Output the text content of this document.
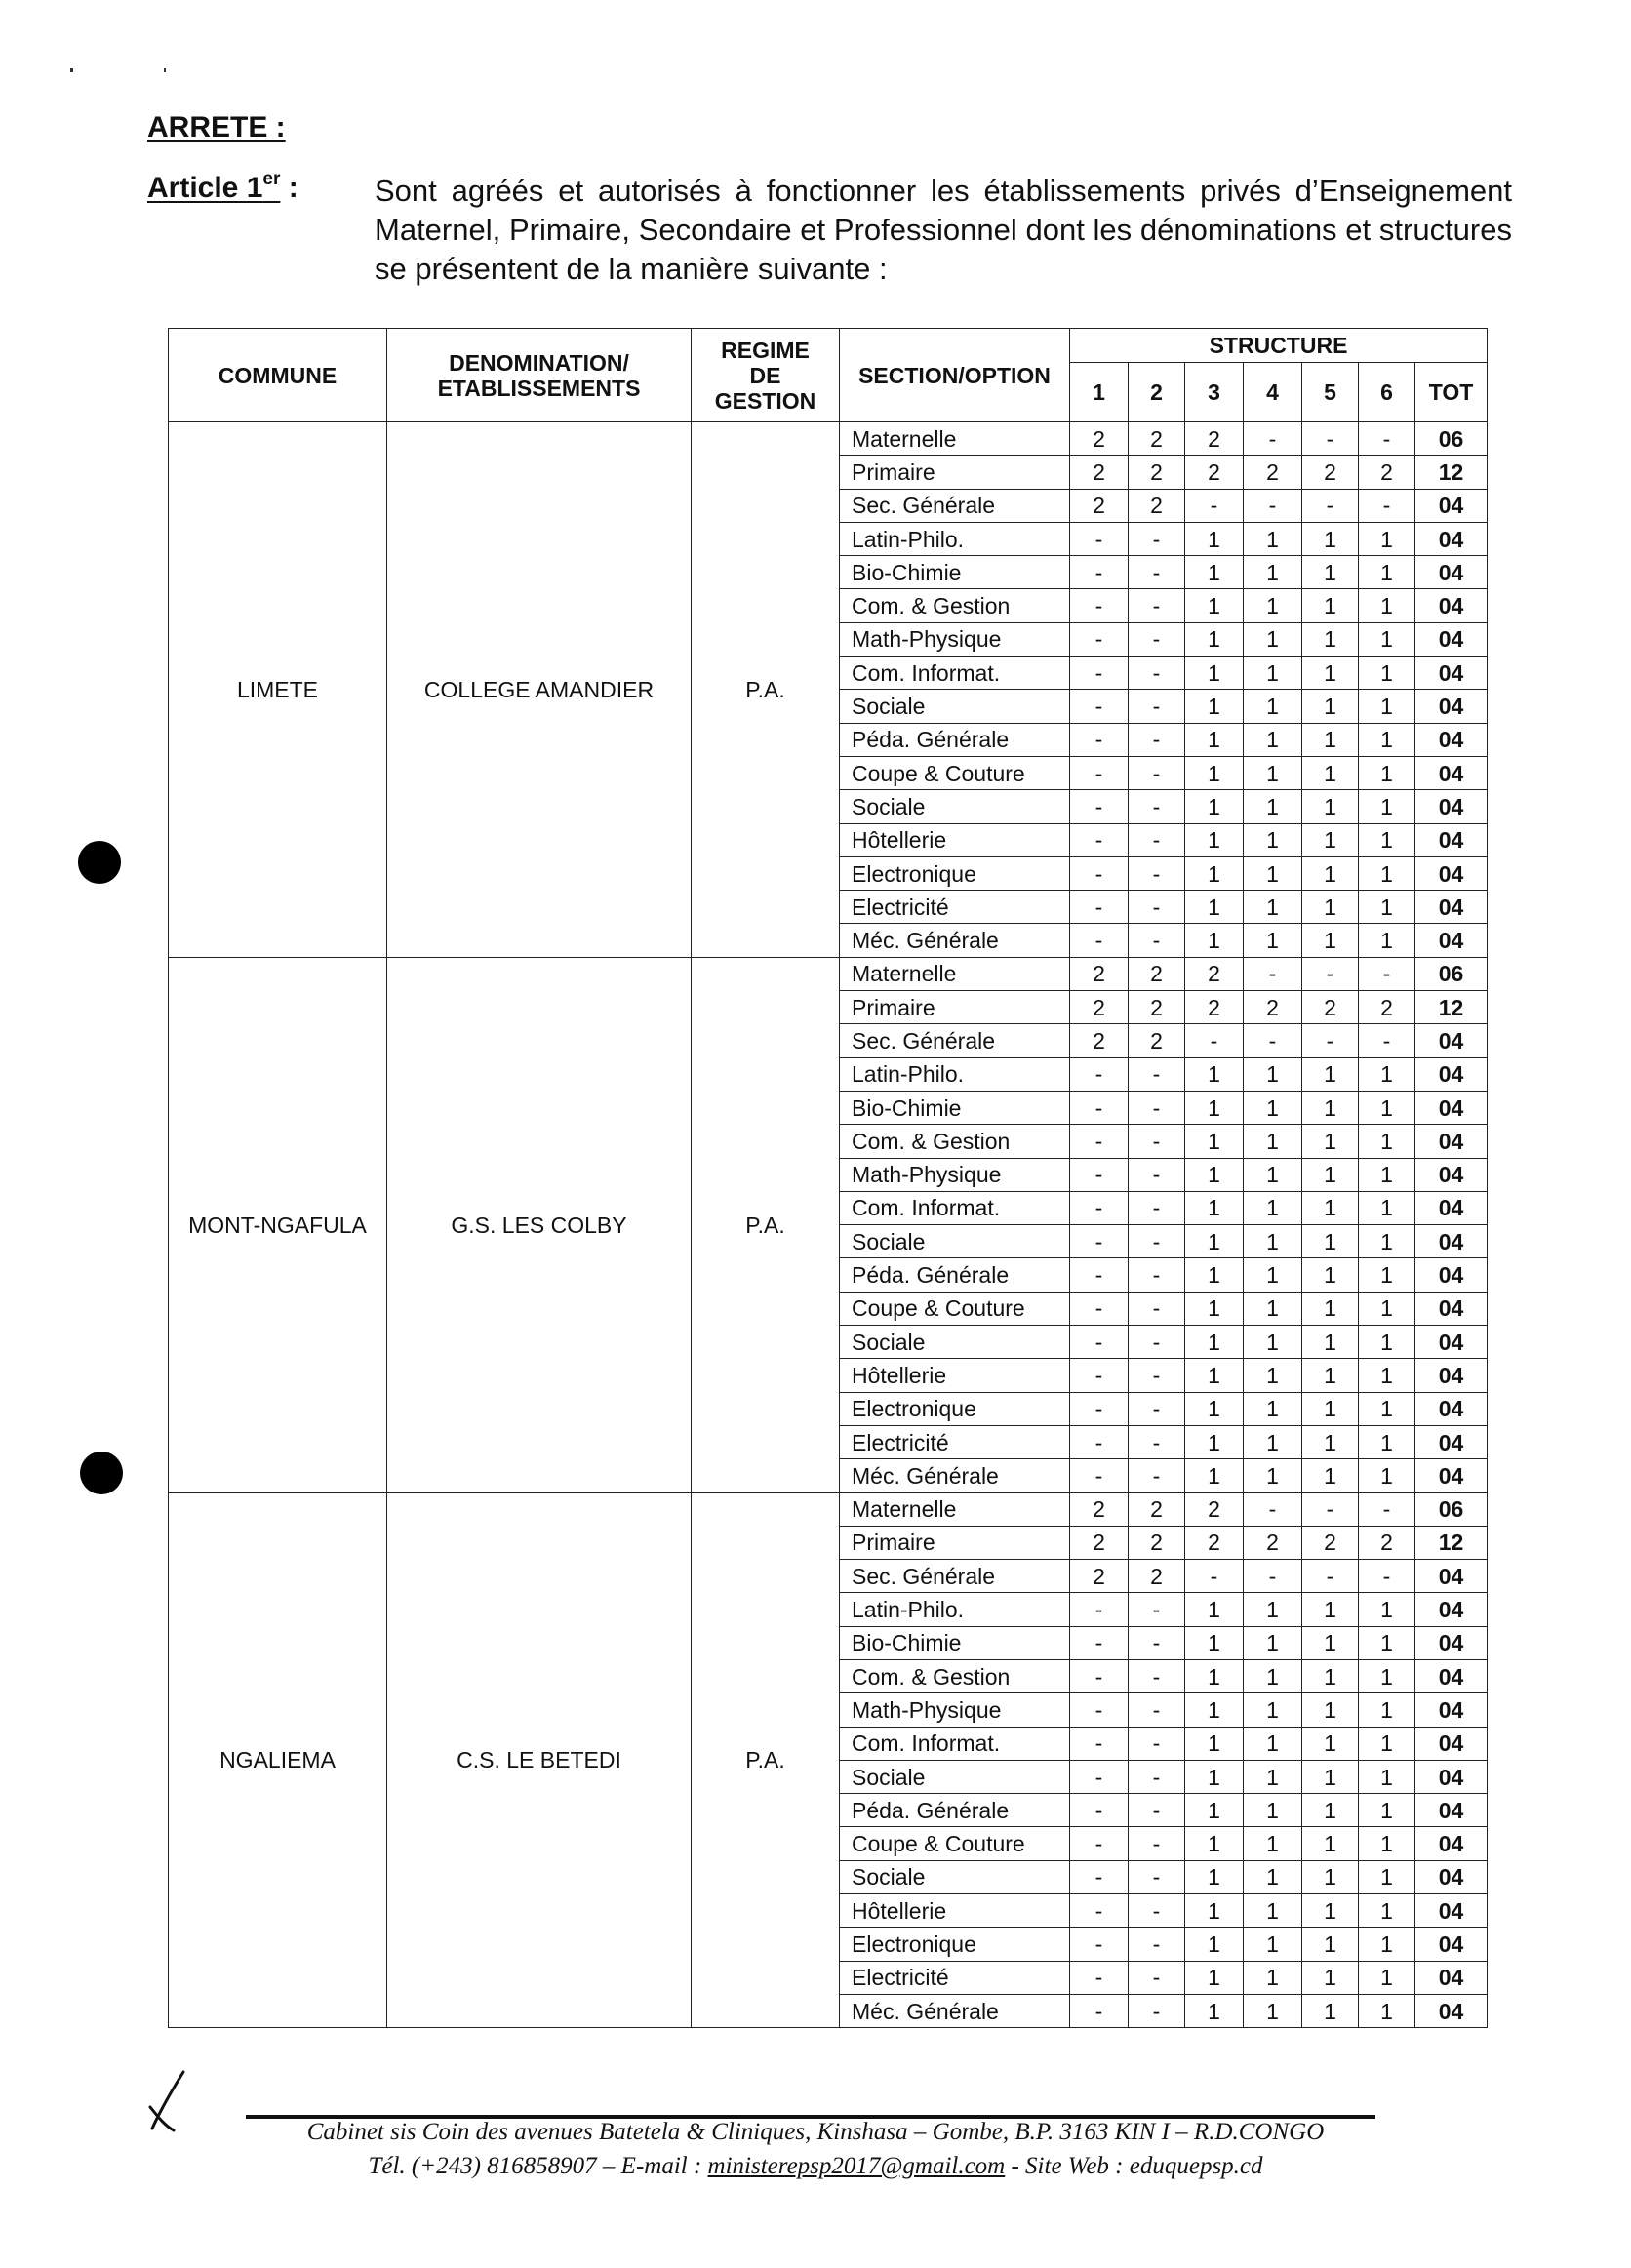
ARRETE :
Article 1er :	Sont agréés et autorisés à fonctionner les établissements privés d’Enseignement Maternel, Primaire, Secondaire et Professionnel dont les dénominations et structures se présentent de la manière suivante :
COMMUNE	DENOMINATION/ ETABLISSEMENTS	REGIME DE GESTION	SECTION/OPTION	STRUCTURE						
				1	2	3	4	5	6	TOT
LIMETE	COLLEGE AMANDIER	P.A.	Maternelle	2	2	2	-	-	-	06
			Primaire	2	2	2	2	2	2	12
			Sec. Générale	2	2	-	-	-	-	04
			Latin-Philo.	-	-	1	1	1	1	04
			Bio-Chimie	-	-	1	1	1	1	04
			Com. & Gestion	-	-	1	1	1	1	04
			Math-Physique	-	-	1	1	1	1	04
			Com. Informat.	-	-	1	1	1	1	04
			Sociale	-	-	1	1	1	1	04
			Péda. Générale	-	-	1	1	1	1	04
			Coupe & Couture	-	-	1	1	1	1	04
			Sociale	-	-	1	1	1	1	04
			Hôtellerie	-	-	1	1	1	1	04
			Electronique	-	-	1	1	1	1	04
			Electricité	-	-	1	1	1	1	04
			Méc. Générale	-	-	1	1	1	1	04
MONT-NGAFULA	G.S. LES COLBY	P.A.	Maternelle	2	2	2	-	-	-	06
			Primaire	2	2	2	2	2	2	12
			Sec. Générale	2	2	-	-	-	-	04
			Latin-Philo.	-	-	1	1	1	1	04
			Bio-Chimie	-	-	1	1	1	1	04
			Com. & Gestion	-	-	1	1	1	1	04
			Math-Physique	-	-	1	1	1	1	04
			Com. Informat.	-	-	1	1	1	1	04
			Sociale	-	-	1	1	1	1	04
			Péda. Générale	-	-	1	1	1	1	04
			Coupe & Couture	-	-	1	1	1	1	04
			Sociale	-	-	1	1	1	1	04
			Hôtellerie	-	-	1	1	1	1	04
			Electronique	-	-	1	1	1	1	04
			Electricité	-	-	1	1	1	1	04
			Méc. Générale	-	-	1	1	1	1	04
NGALIEMA	C.S. LE BETEDI	P.A.	Maternelle	2	2	2	-	-	-	06
			Primaire	2	2	2	2	2	2	12
			Sec. Générale	2	2	-	-	-	-	04
			Latin-Philo.	-	-	1	1	1	1	04
			Bio-Chimie	-	-	1	1	1	1	04
			Com. & Gestion	-	-	1	1	1	1	04
			Math-Physique	-	-	1	1	1	1	04
			Com. Informat.	-	-	1	1	1	1	04
			Sociale	-	-	1	1	1	1	04
			Péda. Générale	-	-	1	1	1	1	04
			Coupe & Couture	-	-	1	1	1	1	04
			Sociale	-	-	1	1	1	1	04
			Hôtellerie	-	-	1	1	1	1	04
			Electronique	-	-	1	1	1	1	04
			Electricité	-	-	1	1	1	1	04
			Méc. Générale	-	-	1	1	1	1	04
Cabinet sis Coin des avenues Batetela & Cliniques, Kinshasa – Gombe, B.P. 3163 KIN I – R.D.CONGO
Tél. (+243) 816858907 – E-mail : ministerepsp2017@gmail.com - Site Web : eduquepsp.cd
